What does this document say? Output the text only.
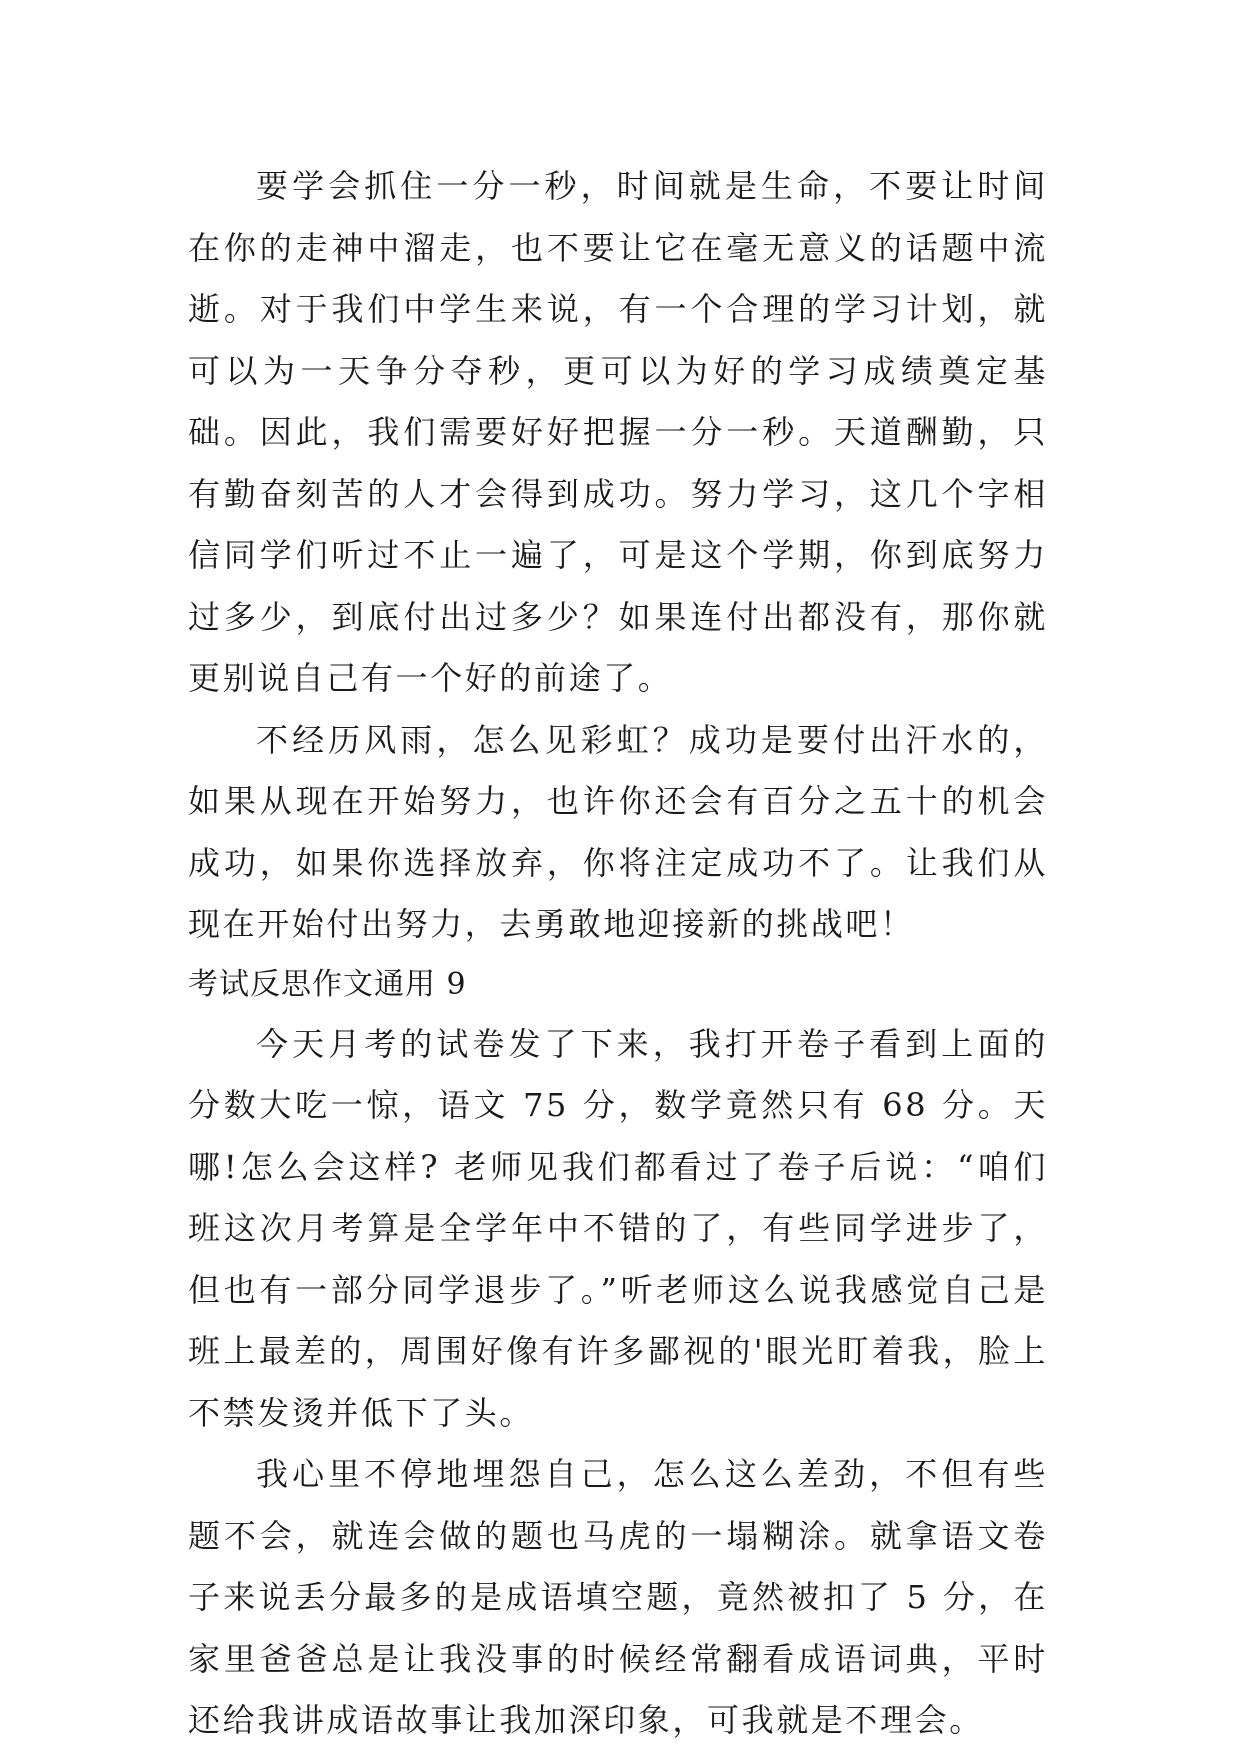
要学会抓住一分一秒，时间就是生命，不要让时间在你的走神中溜走，也不要让它在毫无意义的话题中流逝。对于我们中学生来说，有一个合理的学习计划，就可以为一天争分夺秒，更可以为好的学习成绩奠定基础。因此，我们需要好好把握一分一秒。天道酬勤，只有勤奋刻苦的人才会得到成功。努力学习，这几个字相信同学们听过不止一遍了，可是这个学期，你到底努力过多少，到底付出过多少？如果连付出都没有，那你就更别说自己有一个好的前途了。

不经历风雨，怎么见彩虹？成功是要付出汗水的，如果从现在开始努力，也许你还会有百分之五十的机会成功，如果你选择放弃，你将注定成功不了。让我们从现在开始付出努力，去勇敢地迎接新的挑战吧！

考试反思作文通用 9

今天月考的试卷发了下来，我打开卷子看到上面的分数大吃一惊，语文 75 分，数学竟然只有 68 分。天哪!怎么会这样? 老师见我们都看过了卷子后说：“咱们班这次月考算是全学年中不错的了，有些同学进步了，但也有一部分同学退步了。”听老师这么说我感觉自己是班上最差的，周围好像有许多鄙视的'眼光盯着我，脸上不禁发烫并低下了头。

我心里不停地埋怨自己，怎么这么差劲，不但有些题不会，就连会做的题也马虎的一塌糊涂。就拿语文卷子来说丢分最多的是成语填空题，竟然被扣了 5 分，在家里爸爸总是让我没事的时候经常翻看成语词典，平时还给我讲成语故事让我加深印象，可我就是不理会。
